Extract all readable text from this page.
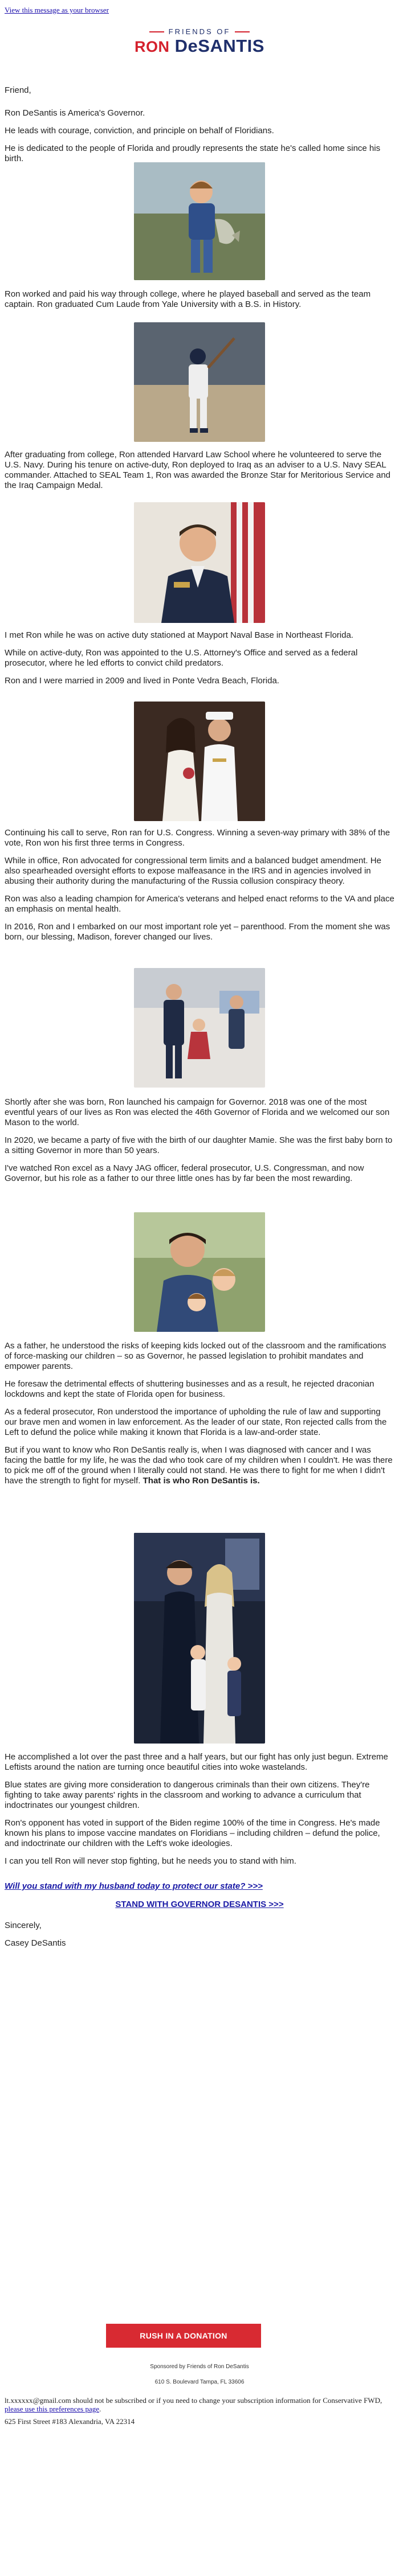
View this message as your browser
FRIENDS OF
RON DeSANTIS

Friend,

Ron DeSantis is America's Governor.

He leads with courage, conviction, and principle on behalf of Floridians.

He is dedicated to the people of Florida and proudly represents the state he's called home since his birth.

Ron worked and paid his way through college, where he played baseball and served as the team captain. Ron graduated Cum Laude from Yale University with a B.S. in History.

After graduating from college, Ron attended Harvard Law School where he volunteered to serve the U.S. Navy. During his tenure on active-duty, Ron deployed to Iraq as an adviser to a U.S. Navy SEAL commander. Attached to SEAL Team 1, Ron was awarded the Bronze Star for Meritorious Service and the Iraq Campaign Medal.

I met Ron while he was on active duty stationed at Mayport Naval Base in Northeast Florida.

While on active-duty, Ron was appointed to the U.S. Attorney's Office and served as a federal prosecutor, where he led efforts to convict child predators.

Ron and I were married in 2009 and lived in Ponte Vedra Beach, Florida.

Continuing his call to serve, Ron ran for U.S. Congress. Winning a seven-way primary with 38% of the vote, Ron won his first three terms in Congress.

While in office, Ron advocated for congressional term limits and a balanced budget amendment. He also spearheaded oversight efforts to expose malfeasance in the IRS and in agencies involved in abusing their authority during the manufacturing of the Russia collusion conspiracy theory.

Ron was also a leading champion for America's veterans and helped enact reforms to the VA and place an emphasis on mental health.

In 2016, Ron and I embarked on our most important role yet – parenthood. From the moment she was born, our blessing, Madison, forever changed our lives.

Shortly after she was born, Ron launched his campaign for Governor. 2018 was one of the most eventful years of our lives as Ron was elected the 46th Governor of Florida and we welcomed our son Mason to the world.

In 2020, we became a party of five with the birth of our daughter Mamie. She was the first baby born to a sitting Governor in more than 50 years.

I've watched Ron excel as a Navy JAG officer, federal prosecutor, U.S. Congressman, and now Governor, but his role as a father to our three little ones has by far been the most rewarding.

As a father, he understood the risks of keeping kids locked out of the classroom and the ramifications of force-masking our children – so as Governor, he passed legislation to prohibit mandates and empower parents.

He foresaw the detrimental effects of shuttering businesses and as a result, he rejected draconian lockdowns and kept the state of Florida open for business.

As a federal prosecutor, Ron understood the importance of upholding the rule of law and supporting our brave men and women in law enforcement. As the leader of our state, Ron rejected calls from the Left to defund the police while making it known that Florida is a law-and-order state.

But if you want to know who Ron DeSantis really is, when I was diagnosed with cancer and I was facing the battle for my life, he was the dad who took care of my children when I couldn't. He was there to pick me off of the ground when I literally could not stand. He was there to fight for me when I didn't have the strength to fight for myself. That is who Ron DeSantis is.

He accomplished a lot over the past three and a half years, but our fight has only just begun. Extreme Leftists around the nation are turning once beautiful cities into woke wastelands.

Blue states are giving more consideration to dangerous criminals than their own citizens. They're fighting to take away parents' rights in the classroom and working to advance a curriculum that indoctrinates our youngest children.

Ron's opponent has voted in support of the Biden regime 100% of the time in Congress. He's made known his plans to impose vaccine mandates on Floridians – including children – defund the police, and indoctrinate our children with the Left's woke ideologies.

I can you tell Ron will never stop fighting, but he needs you to stand with him.

Will you stand with my husband today to protect our state? >>>
STAND WITH GOVERNOR DESANTIS >>>

Sincerely,

Casey DeSantis

RUSH IN A DONATION

Sponsored by Friends of Ron DeSantis

610 S. Boulevard Tampa, FL 33606

lt.xxxxxx@gmail.com should not be subscribed or if you need to change your subscription information for Conservative FWD, please use this preferences page.

625 First Street #183 Alexandria, VA 22314
